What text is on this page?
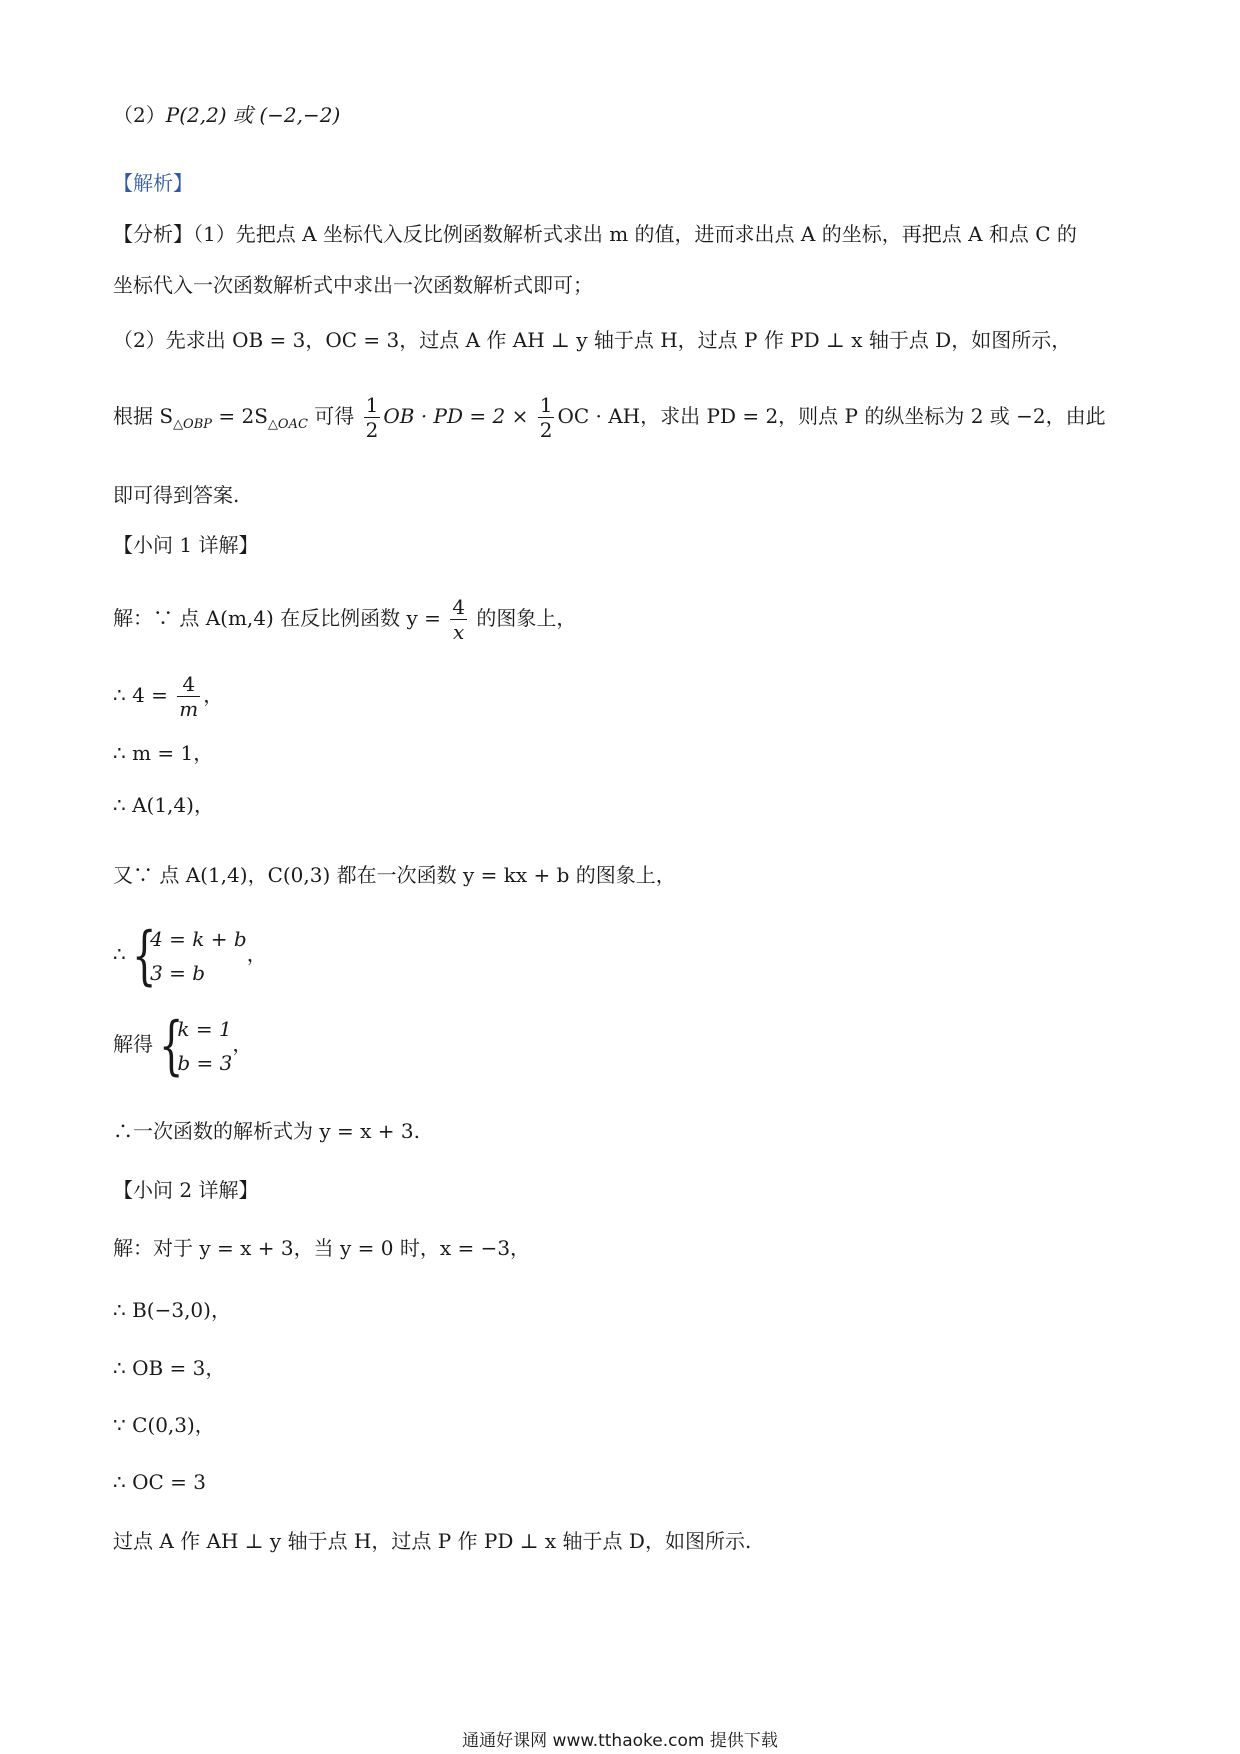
（2）P(2,2) 或 (−2,−2)
【解析】
【分析】（1）先把点 A 坐标代入反比例函数解析式求出 m 的值，进而求出点 A 的坐标，再把点 A 和点 C 的
坐标代入一次函数解析式中求出一次函数解析式即可；
（2）先求出 OB = 3，OC = 3，过点 A 作 AH ⊥ y 轴于点 H，过点 P 作 PD ⊥ x 轴于点 D，如图所示，
根据 $S_{\triangle OBP} = 2S_{\triangle OAC}$ 可得 $\frac{1}{2}$ OB · PD = $2 \times \frac{1}{2}$ OC · AH，求出 PD = 2，则点 P 的纵坐标为 2 或 −2，由此
即可得到答案.
【小问 1 详解】
解：∵ 点 A(m,4) 在反比例函数 $y = \frac{4}{x}$ 的图象上，
∴ $4 = \frac{4}{m}$ ，
∴ m = 1，
∴ A(1,4)，
又∵ 点 A(1,4)，C(0,3) 都在一次函数 y = kx + b 的图象上，
∴ {
4 = k + b
3 = b
，
解得 {
k = 1
b = 3
，
∴一次函数的解析式为 y = x + 3.
【小问 2 详解】
解：对于 y = x + 3，当 y = 0 时，x = −3，
∴ B(−3,0)，
∴ OB = 3，
∵ C(0,3)，
∴ OC = 3
过点 A 作 AH ⊥ y 轴于点 H，过点 P 作 PD ⊥ x 轴于点 D，如图所示.
通通好课网 www.tthaoke.com 提供下载
